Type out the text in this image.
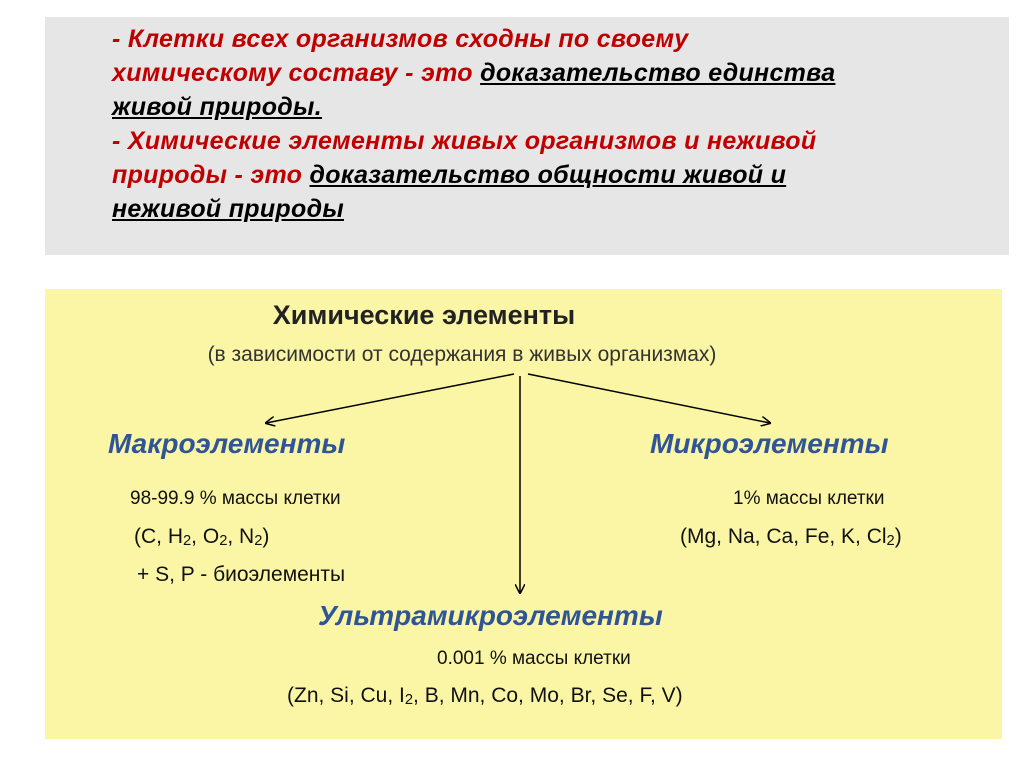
- Клетки всех организмов сходны по своему
химическому составу - это доказательство единства
живой природы.
- Химические элементы живых организмов и неживой
природы - это доказательство общности живой и
неживой природы
Химические элементы
(в зависимости от содержания в живых организмах)
Макроэлементы
98-99.9 % массы клетки
(C, $H_2$, $O_2$, $N_2$)
+ S, P - биоэлементы
Микроэлементы
1% массы клетки
(Mg, Na, Ca, Fe, K, $Cl_2$)
Ультрамикроэлементы
0.001 % массы клетки
(Zn, Si, Cu, $I_2$, B, Mn, Co, Mo, Br, Se, F, V)
